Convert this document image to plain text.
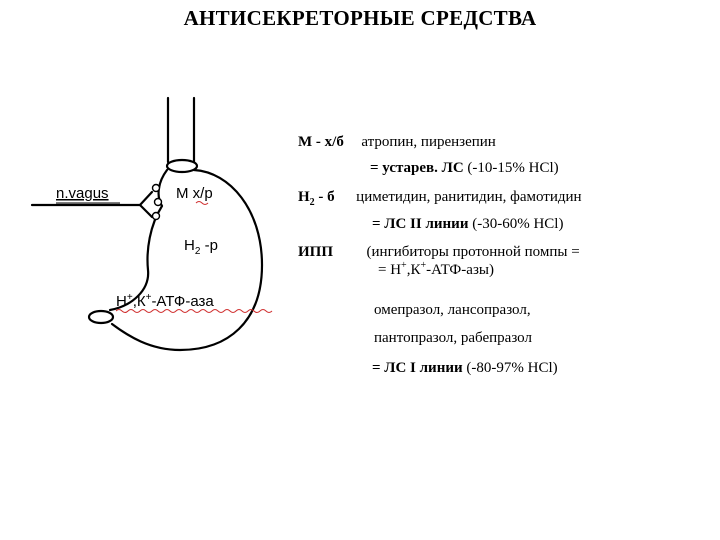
АНТИСЕКРЕТОРНЫЕ СРЕДСТВА
n.vagus	М х/р
$Н_2$ -р
Н+,К+-АТФ-аза
М - х/б атропин, пирензепин
= устарев. ЛС (-10-15% HCl)
$Н_2$ - б циметидин, ранитидин, фамотидин
= ЛС II линии (-30-60% HCl)
ИПП (ингибиторы протонной помпы =
= Н+,К+-АТФ-азы)
омепразол, лансопразол,
пантопразол, рабепразол
= ЛС I линии (-80-97% HCl)
